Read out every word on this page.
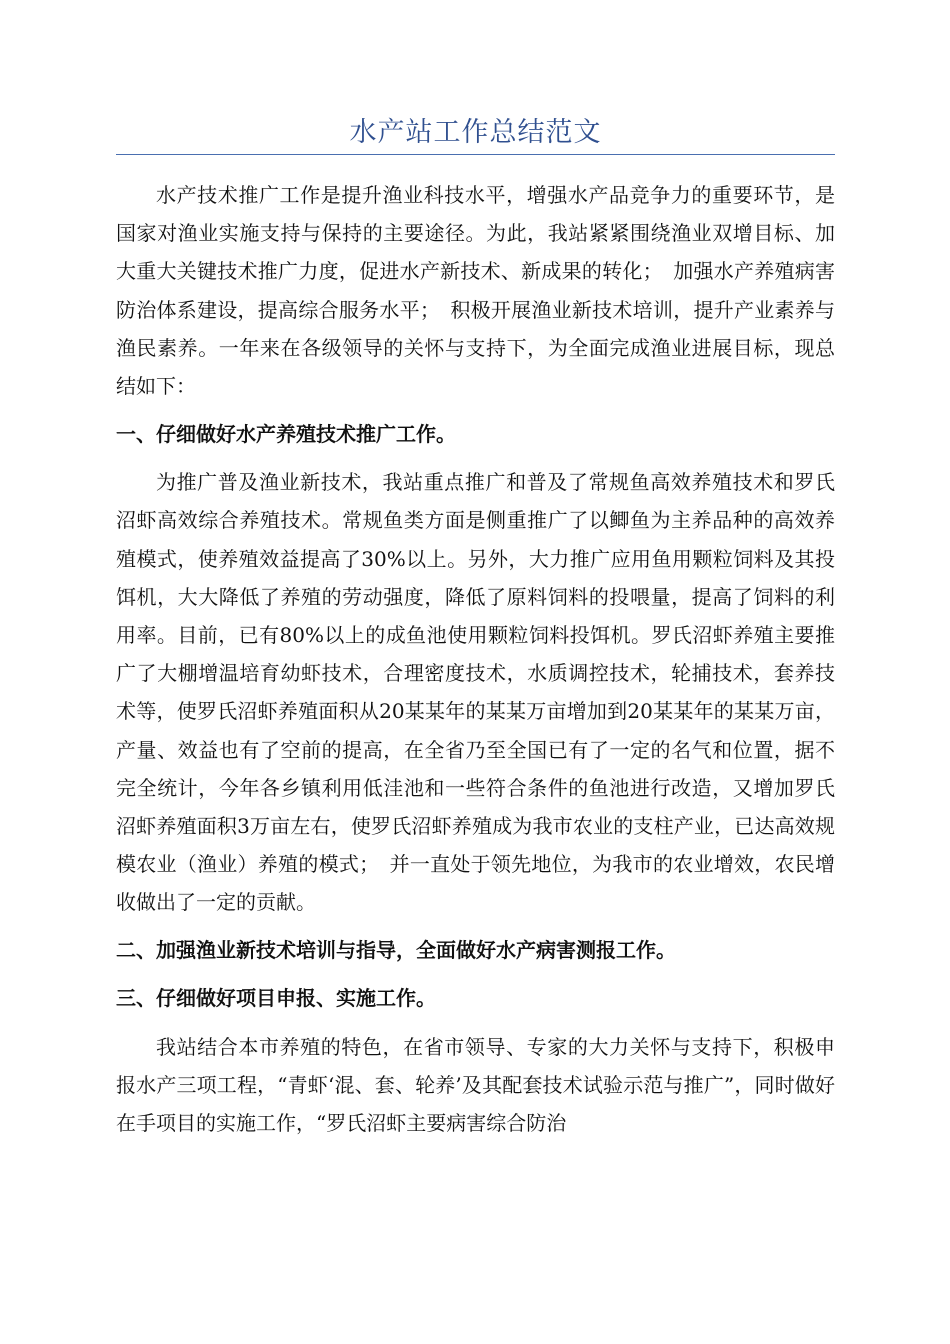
水产站工作总结范文

水产技术推广工作是提升渔业科技水平，增强水产品竞争力的重要环节，是国家对渔业实施支持与保持的主要途径。为此，我站紧紧围绕渔业双增目标、加大重大关键技术推广力度，促进水产新技术、新成果的转化；　加强水产养殖病害防治体系建设，提高综合服务水平；　积极开展渔业新技术培训，提升产业素养与渔民素养。一年来在各级领导的关怀与支持下，为全面完成渔业进展目标，现总结如下：

一、仔细做好水产养殖技术推广工作。

为推广普及渔业新技术，我站重点推广和普及了常规鱼高效养殖技术和罗氏沼虾高效综合养殖技术。常规鱼类方面是侧重推广了以鲫鱼为主养品种的高效养殖模式，使养殖效益提高了30%以上。另外，大力推广应用鱼用颗粒饲料及其投饵机，大大降低了养殖的劳动强度，降低了原料饲料的投喂量，提高了饲料的利用率。目前，已有80%以上的成鱼池使用颗粒饲料投饵机。罗氏沼虾养殖主要推广了大棚增温培育幼虾技术，合理密度技术，水质调控技术，轮捕技术，套养技术等，使罗氏沼虾养殖面积从20某某年的某某万亩增加到20某某年的某某万亩，产量、效益也有了空前的提高，在全省乃至全国已有了一定的名气和位置，据不完全统计，今年各乡镇利用低洼池和一些符合条件的鱼池进行改造，又增加罗氏沼虾养殖面积3万亩左右，使罗氏沼虾养殖成为我市农业的支柱产业，已达高效规模农业（渔业）养殖的模式；　并一直处于领先地位，为我市的农业增效，农民增收做出了一定的贡献。

二、加强渔业新技术培训与指导，全面做好水产病害测报工作。

三、仔细做好项目申报、实施工作。

我站结合本市养殖的特色，在省市领导、专家的大力关怀与支持下，积极申报水产三项工程，“青虾‘混、套、轮养’及其配套技术试验示范与推广”，同时做好在手项目的实施工作，“罗氏沼虾主要病害综合防治
